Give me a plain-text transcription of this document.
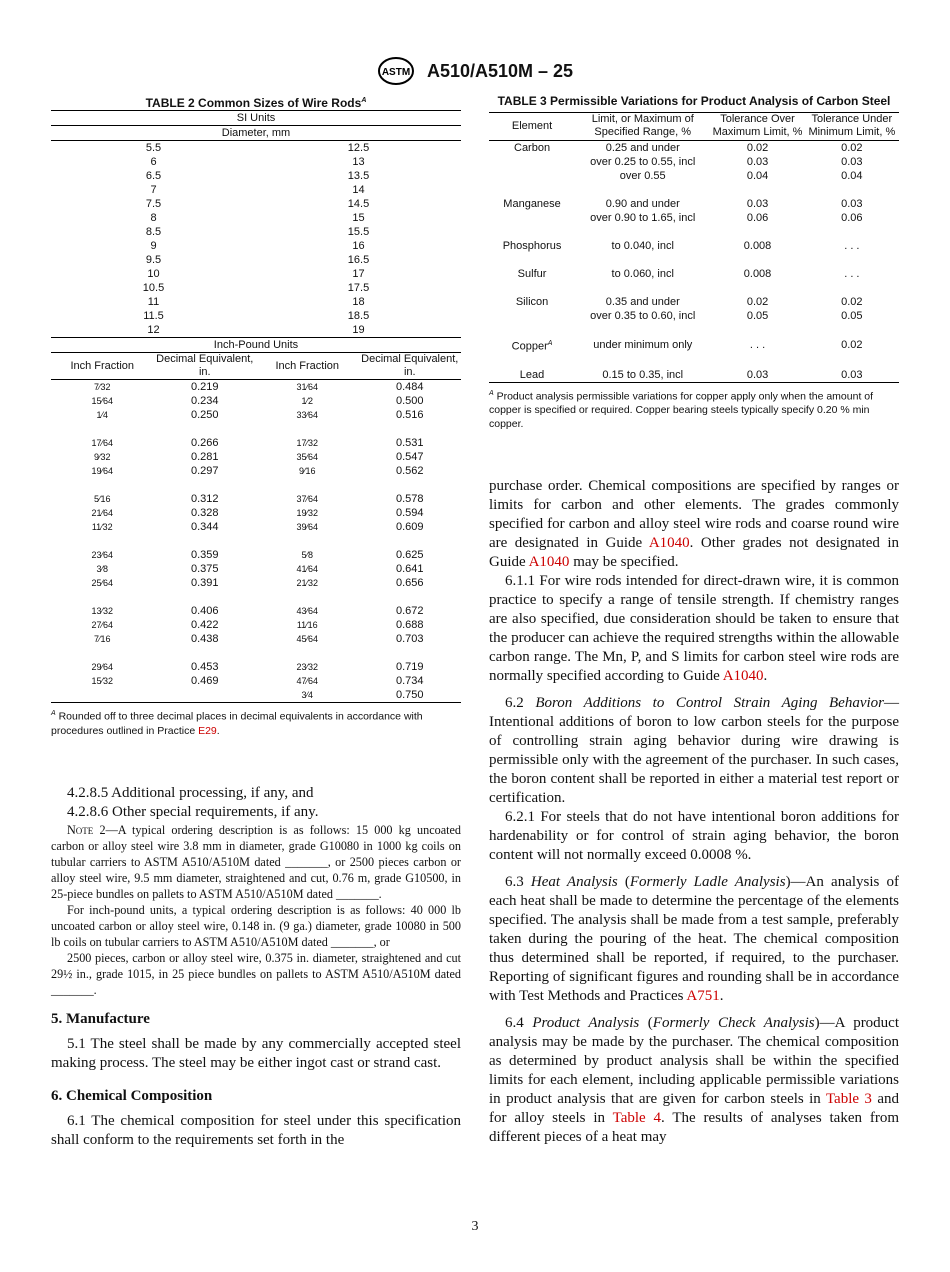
ASTM A510/A510M – 25
TABLE 2 Common Sizes of Wire Rods$^A$
SI Units			
Diameter, mm			
5.5		12.5	
6		13	
6.5		13.5	
7		14	
7.5		14.5	
8		15	
8.5		15.5	
9		16	
9.5		16.5	
10		17	
10.5		17.5	
11		18	
11.5		18.5	
12		19	
Inch-Pound Units			
Inch Fraction	Decimal Equivalent, in.	Inch Fraction	Decimal Equivalent, in.
7⁄32	0.219	31⁄64	0.484
15⁄64	0.234	1⁄2	0.500
1⁄4	0.250	33⁄64	0.516

17⁄64	0.266	17⁄32	0.531
9⁄32	0.281	35⁄64	0.547
19⁄64	0.297	9⁄16	0.562

5⁄16	0.312	37⁄64	0.578
21⁄64	0.328	19⁄32	0.594
11⁄32	0.344	39⁄64	0.609

23⁄64	0.359	5⁄8	0.625
3⁄8	0.375	41⁄64	0.641
25⁄64	0.391	21⁄32	0.656

13⁄32	0.406	43⁄64	0.672
27⁄64	0.422	11⁄16	0.688
7⁄16	0.438	45⁄64	0.703

29⁄64	0.453	23⁄32	0.719
15⁄32	0.469	47⁄64	0.734
		3⁄4	0.750
$^A$ Rounded off to three decimal places in decimal equivalents in accordance with procedures outlined in Practice E29.

4.2.8.5 Additional processing, if any, and

4.2.8.6 Other special requirements, if any.

Note 2—A typical ordering description is as follows: 15 000 kg uncoated carbon or alloy steel wire 3.8 mm in diameter, grade G10080 in 1000 kg coils on tubular carriers to ASTM A510/A510M dated _______, or 2500 pieces carbon or alloy steel wire, 9.5 mm diameter, straightened and cut, 0.76 m, grade G10500, in 25-piece bundles on pallets to ASTM A510/A510M dated _______.

For inch-pound units, a typical ordering description is as follows: 40 000 lb uncoated carbon or alloy steel wire, 0.148 in. (9 ga.) diameter, grade 10080 in 500 lb coils on tubular carriers to ASTM A510/A510M dated _______, or

2500 pieces, carbon or alloy steel wire, 0.375 in. diameter, straightened and cut 29½ in., grade 1015, in 25 piece bundles on pallets to ASTM A510/A510M dated _______.

5. Manufacture

5.1 The steel shall be made by any commercially accepted steel making process. The steel may be either ingot cast or strand cast.

6. Chemical Composition

6.1 The chemical composition for steel under this specification shall conform to the requirements set forth in the

TABLE 3 Permissible Variations for Product Analysis of Carbon Steel
Element	Limit, or Maximum of Specified Range, %	Tolerance Over Maximum Limit, %	Tolerance Under Minimum Limit, %
Carbon	0.25 and under	0.02	0.02
	over 0.25 to 0.55, incl	0.03	0.03
	over 0.55	0.04	0.04

Manganese	0.90 and under	0.03	0.03
	over 0.90 to 1.65, incl	0.06	0.06

Phosphorus	to 0.040, incl	0.008	. . .

Sulfur	to 0.060, incl	0.008	. . .

Silicon	0.35 and under	0.02	0.02
	over 0.35 to 0.60, incl	0.05	0.05

Copper$^A$	under minimum only	. . .	0.02

Lead	0.15 to 0.35, incl	0.03	0.03
$^A$ Product analysis permissible variations for copper apply only when the amount of copper is specified or required. Copper bearing steels typically specify 0.20 % min copper.

purchase order. Chemical compositions are specified by ranges or limits for carbon and other elements. The grades commonly specified for carbon and alloy steel wire rods and coarse round wire are designated in Guide A1040. Other grades not designated in Guide A1040 may be specified.

6.1.1 For wire rods intended for direct-drawn wire, it is common practice to specify a range of tensile strength. If chemistry ranges are also specified, due consideration should be taken to ensure that the producer can achieve the required strengths within the allowable carbon range. The Mn, P, and S limits for carbon steel wire rods are normally specified according to Guide A1040.

6.2 Boron Additions to Control Strain Aging Behavior—Intentional additions of boron to low carbon steels for the purpose of controlling strain aging behavior during wire drawing is permissible only with the agreement of the purchaser. In such cases, the boron content shall be reported in either a material test report or certification.

6.2.1 For steels that do not have intentional boron additions for hardenability or for control of strain aging behavior, the boron content will not normally exceed 0.0008 %.

6.3 Heat Analysis (Formerly Ladle Analysis)—An analysis of each heat shall be made to determine the percentage of the elements specified. The analysis shall be made from a test sample, preferably taken during the pouring of the heat. The chemical composition thus determined shall be reported, if required, to the purchaser. Reporting of significant figures and rounding shall be in accordance with Test Methods and Practices A751.

6.4 Product Analysis (Formerly Check Analysis)—A product analysis may be made by the purchaser. The chemical composition as determined by product analysis shall be within the specified limits for each element, including applicable permissible variations in product analysis that are given for carbon steels in Table 3 and for alloy steels in Table 4. The results of analyses taken from different pieces of a heat may

3
